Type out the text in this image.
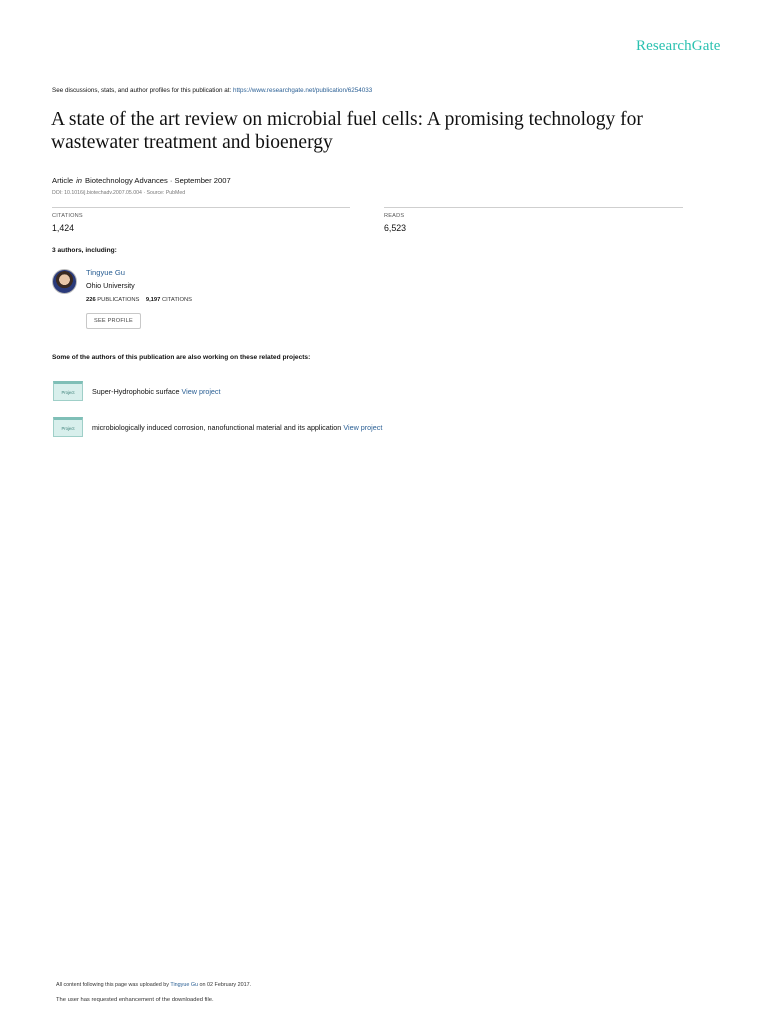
ResearchGate
See discussions, stats, and author profiles for this publication at: https://www.researchgate.net/publication/6254033
A state of the art review on microbial fuel cells: A promising technology for wastewater treatment and bioenergy
Article in Biotechnology Advances · September 2007
DOI: 10.1016/j.biotechadv.2007.05.004 · Source: PubMed
CITATIONS
1,424
READS
6,523
3 authors, including:
Tingyue Gu
Ohio University
226 PUBLICATIONS 9,197 CITATIONS
SEE PROFILE
Some of the authors of this publication are also working on these related projects:
Project Super-Hydrophobic surface View project
Project microbiologically induced corrosion, nanofunctional material and its application View project
All content following this page was uploaded by Tingyue Gu on 02 February 2017.
The user has requested enhancement of the downloaded file.
